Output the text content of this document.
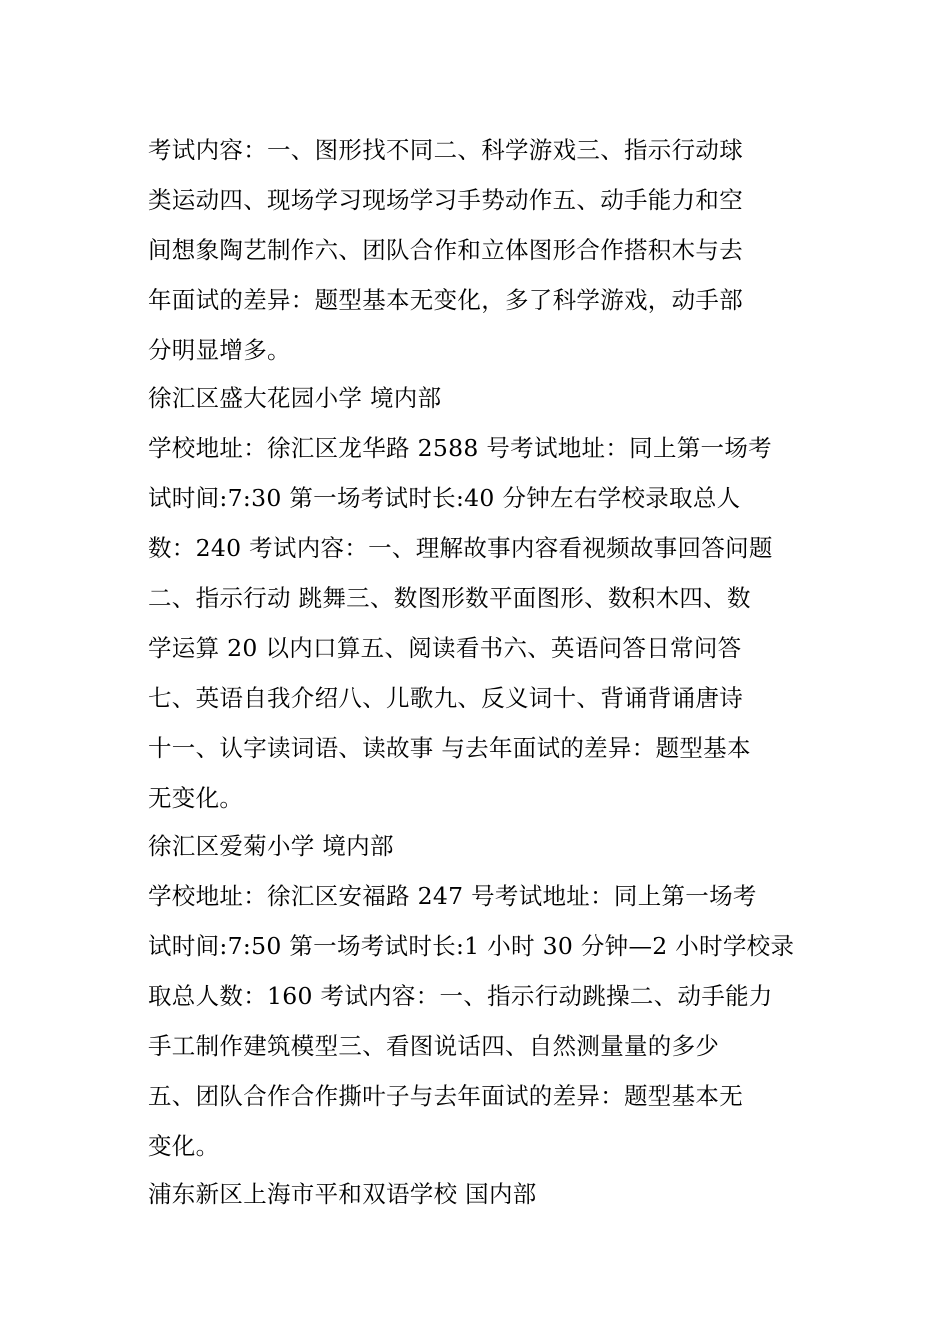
考试内容：一、图形找不同二、科学游戏三、指示行动球
类运动四、现场学习现场学习手势动作五、动手能力和空
间想象陶艺制作六、团队合作和立体图形合作搭积木与去
年面试的差异：题型基本无变化，多了科学游戏，动手部
分明显增多。
徐汇区盛大花园小学 境内部
学校地址：徐汇区龙华路 2588 号考试地址：同上第一场考
试时间:7:30 第一场考试时长:40 分钟左右学校录取总人
数：240 考试内容：一、理解故事内容看视频故事回答问题
二、指示行动 跳舞三、数图形数平面图形、数积木四、数
学运算 20 以内口算五、阅读看书六、英语问答日常问答
七、英语自我介绍八、儿歌九、反义词十、背诵背诵唐诗
十一、认字读词语、读故事 与去年面试的差异：题型基本
无变化。
徐汇区爱菊小学 境内部
学校地址：徐汇区安福路 247 号考试地址：同上第一场考
试时间:7:50 第一场考试时长:1 小时 30 分钟—2 小时学校录
取总人数：160 考试内容：一、指示行动跳操二、动手能力
手工制作建筑模型三、看图说话四、自然测量量的多少
五、团队合作合作撕叶子与去年面试的差异：题型基本无
变化。
浦东新区上海市平和双语学校 国内部
